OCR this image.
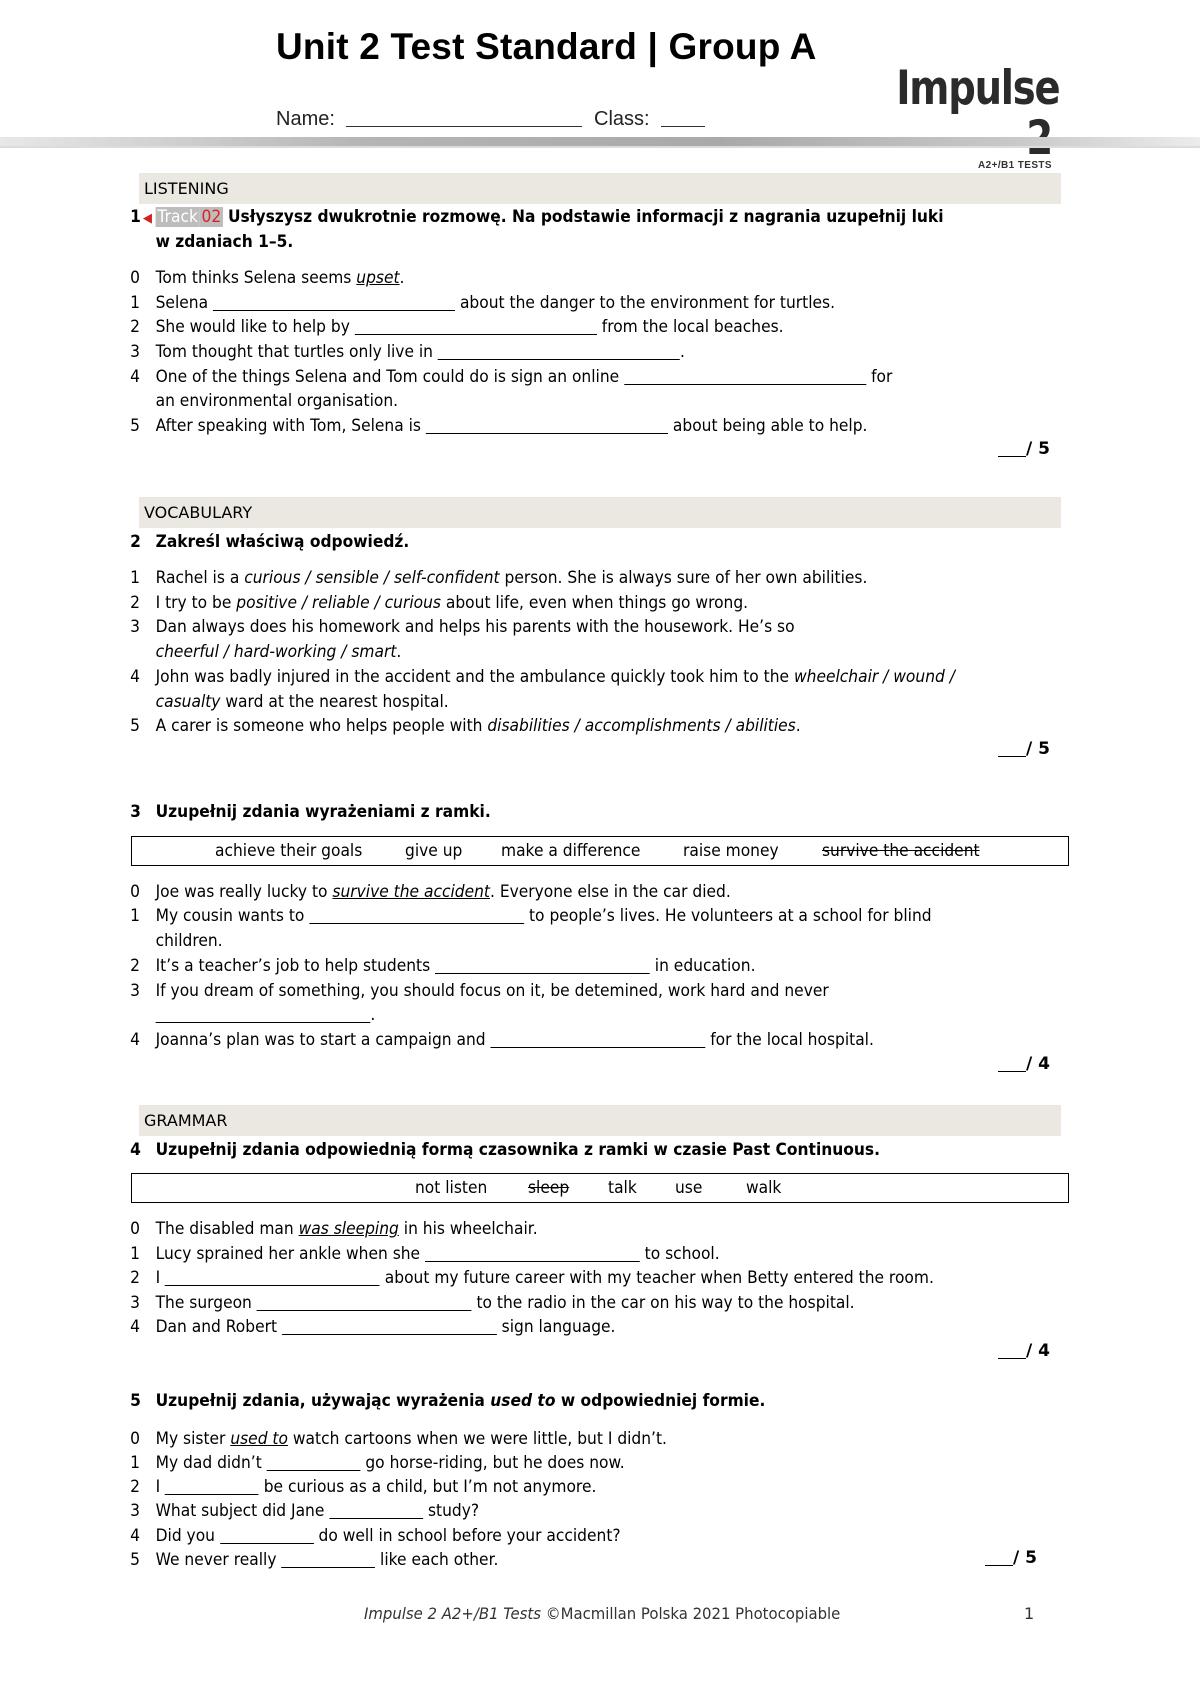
Unit 2 Test Standard | Group A
Name:	Class:
Impulse
A2+/B1 TESTS
LISTENING
1 ◀ Track 02 Usłyszysz dwukrotnie rozmowę. Na podstawie informacji z nagrania uzupełnij luki
w zdaniach 1–5.
0 Tom thinks Selena seems upset.
1 Selena	about the danger to the environment for turtles.
2 She would like to help by	from the local beaches.
3 Tom thought that turtles only live in	.
4 One of the things Selena and Tom could do is sign an online	for
an environmental organisation.
5 After speaking with Tom, Selena is	about being able to help.
/ 5
VOCABULARY
2 Zakreśl właściwą odpowiedź.
1 Rachel is a curious / sensible / self-confident person. She is always sure of her own abilities.
2 I try to be positive / reliable / curious about life, even when things go wrong.
3 Dan always does his homework and helps his parents with the housework. He’s so
cheerful / hard-working / smart.
4 John was badly injured in the accident and the ambulance quickly took him to the wheelchair / wound /
casualty ward at the nearest hospital.
5 A carer is someone who helps people with disabilities / accomplishments / abilities.
/ 5
3 Uzupełnij zdania wyrażeniami z ramki.
achieve their goals	give up make a difference	raise money	survive the accident
0 Joe was really lucky to survive the accident. Everyone else in the car died.
1 My cousin wants to	to people’s lives. He volunteers at a school for blind
children.
2 It’s a teacher’s job to help students	in education.
3 If you dream of something, you should focus on it, be detemined, work hard and never
.
4 Joanna’s plan was to start a campaign and	for the local hospital.
/ 4
GRAMMAR
4 Uzupełnij zdania odpowiednią formą czasownika z ramki w czasie Past Continuous.
not listen sleep talk use	walk
0 The disabled man was sleeping in his wheelchair.
1 Lucy sprained her ankle when she	to school.
2 I	about my future career with my teacher when Betty entered the room.
3 The surgeon	to the radio in the car on his way to the hospital.
4 Dan and Robert	sign language.
/ 4
5 Uzupełnij zdania, używając wyrażenia used to w odpowiedniej formie.
0 My sister used to watch cartoons when we were little, but I didn’t.
1 My dad didn’t	go horse-riding, but he does now.
2 I	be curious as a child, but I’m not anymore.
3 What subject did Jane	study?
4 Did you	do well in school before your accident?
5 We never really	like each other.	/ 5
Impulse 2 A2+/B1 Tests ©Macmillan Polska 2021 Photocopiable	1
